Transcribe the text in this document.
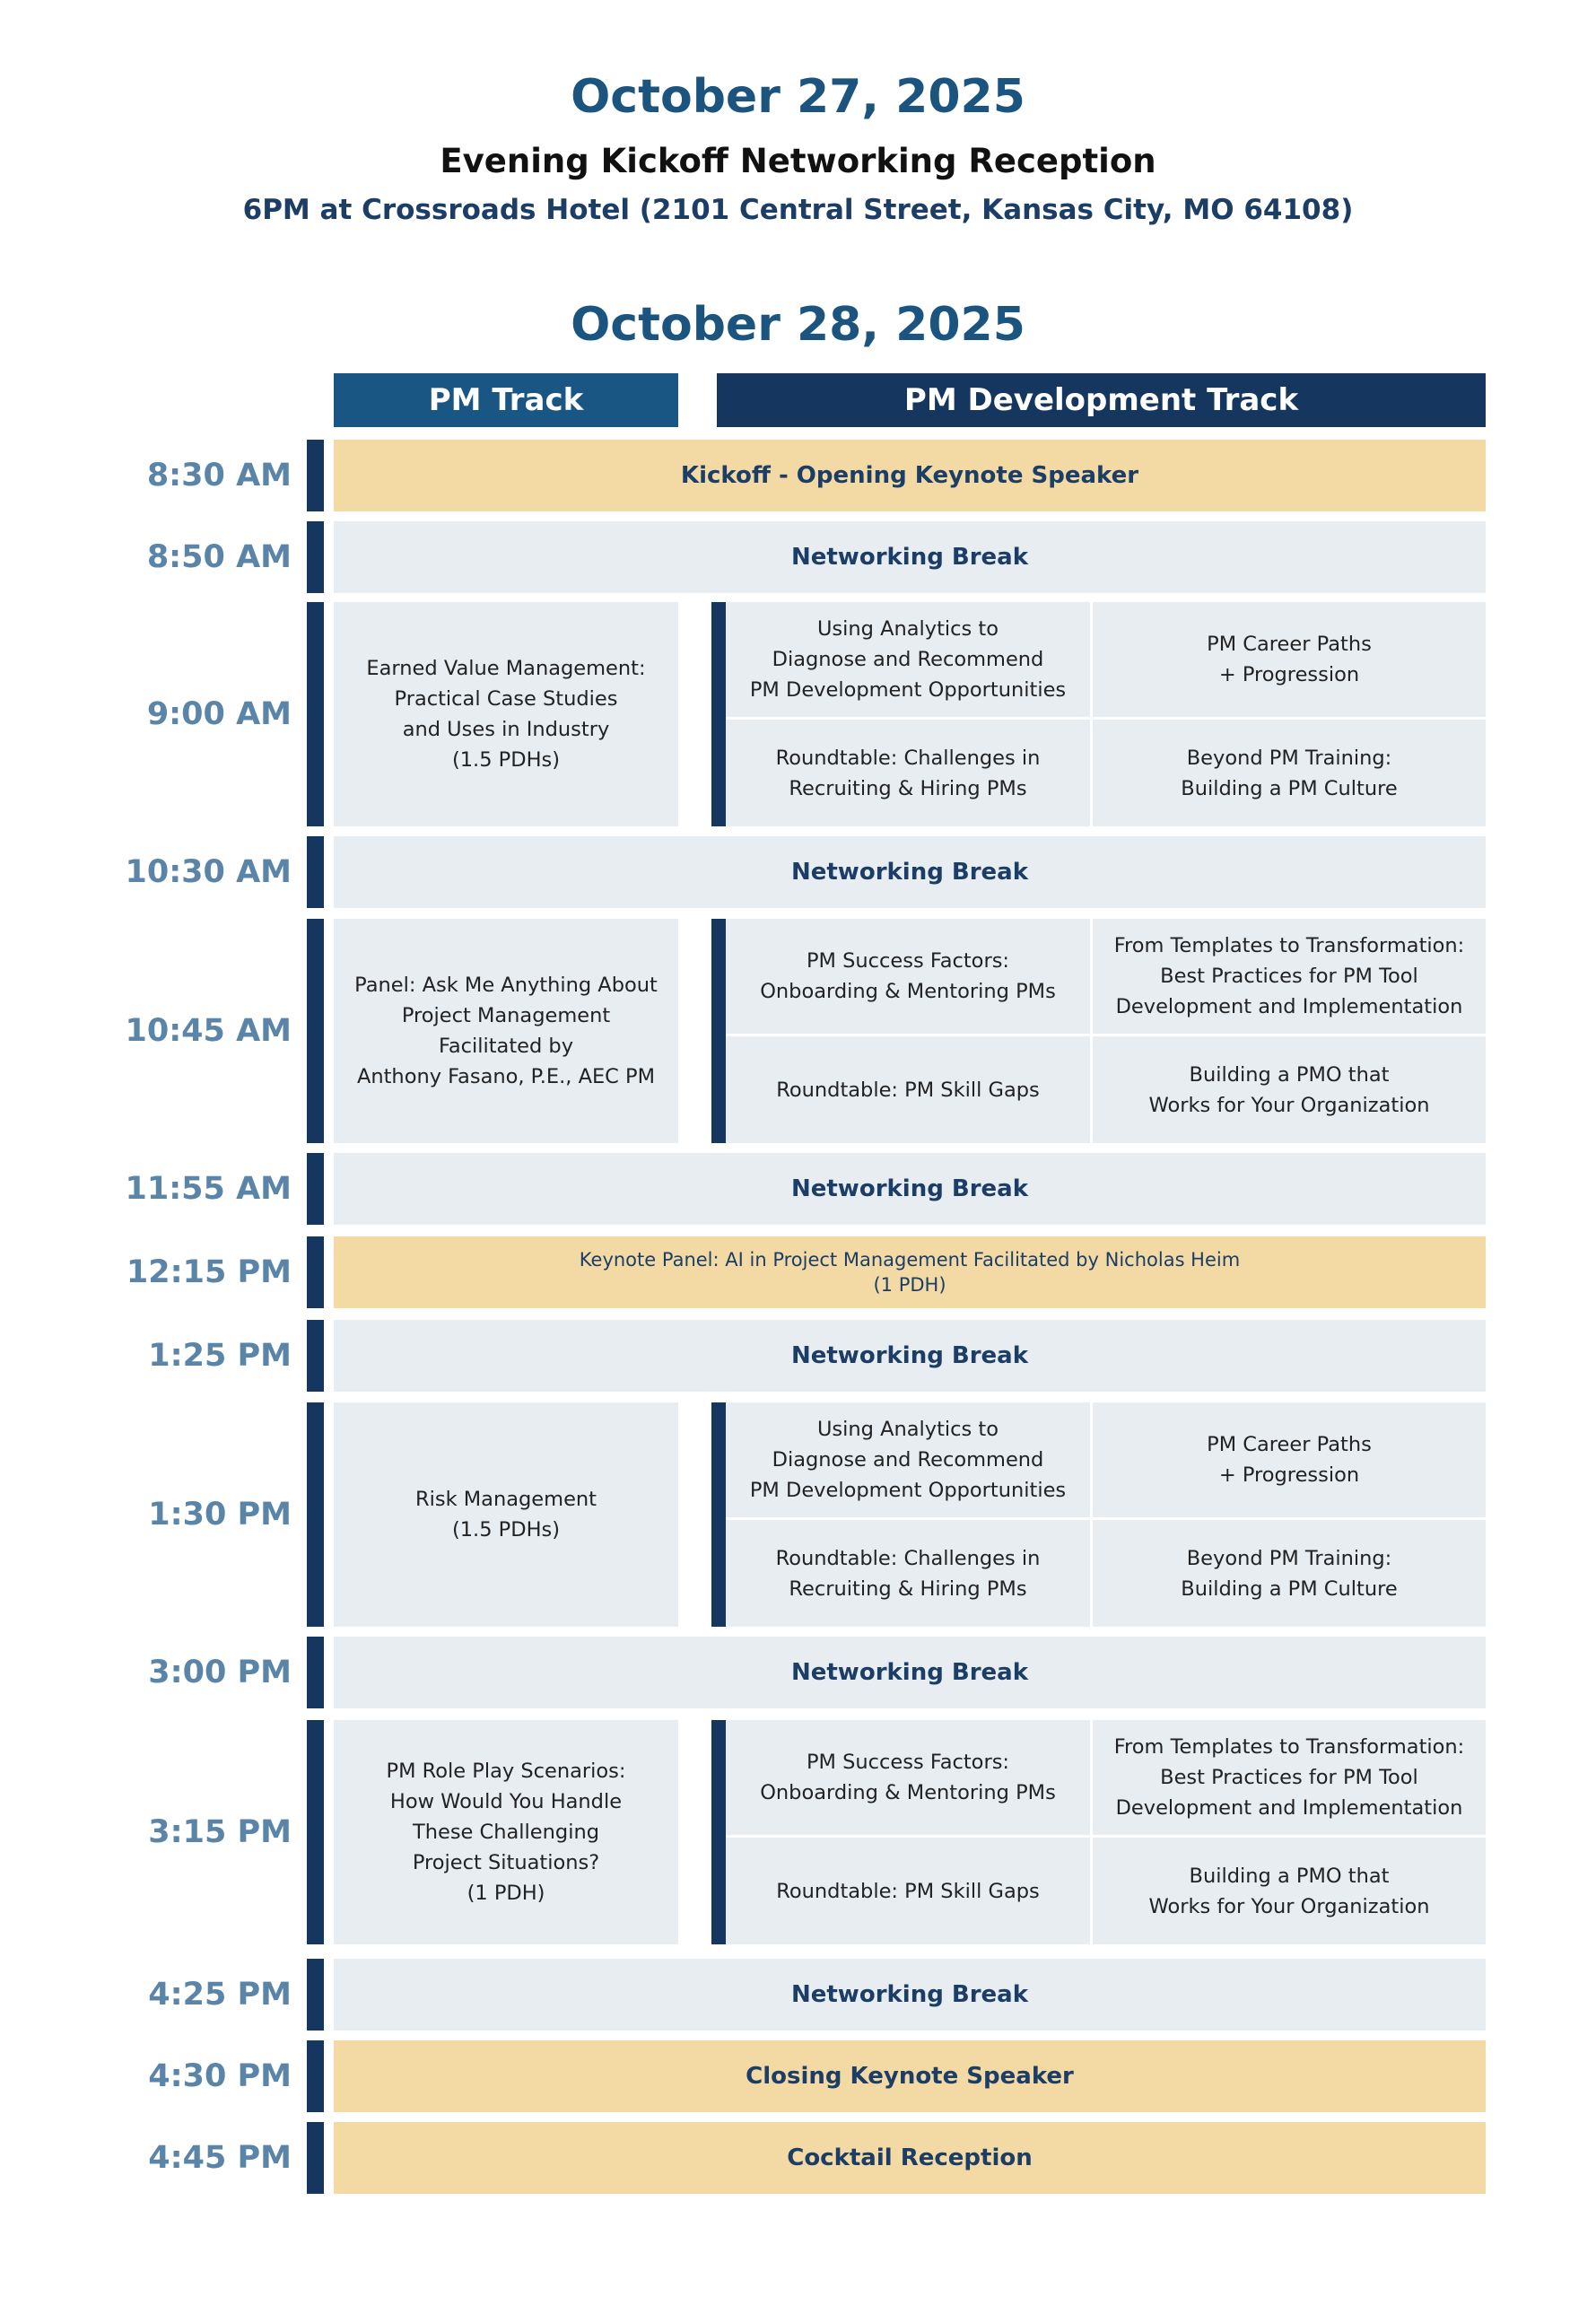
October 27, 2025
Evening Kickoff Networking Reception
6PM at Crossroads Hotel (2101 Central Street, Kansas City, MO 64108)
October 28, 2025
PM Track	PM Development Track
8:30 AM
8:50 AM
9:00 AM
10:30 AM
10:45 AM
11:55 AM
12:15 PM
1:25 PM
1:30 PM
3:00 PM
3:15 PM
4:25 PM
4:30 PM
4:45 PM
Kickoff - Opening Keynote Speaker
Networking Break
Networking Break
Networking Break
Keynote Panel: AI in Project Management Facilitated by Nicholas Heim
(1 PDH)
Networking Break
Networking Break
Networking Break
Closing Keynote Speaker
Cocktail Reception
Earned Value Management:
Practical Case Studies
and Uses in Industry
(1.5 PDHs)
Using Analytics to
Diagnose and Recommend
PM Development Opportunities
PM Career Paths
+ Progression
Roundtable: Challenges in
Recruiting & Hiring PMs
Beyond PM Training:
Building a PM Culture
Panel: Ask Me Anything About
Project Management
Facilitated by
Anthony Fasano, P.E., AEC PM
PM Success Factors:
Onboarding & Mentoring PMs
From Templates to Transformation:
Best Practices for PM Tool
Development and Implementation
Roundtable: PM Skill Gaps
Building a PMO that
Works for Your Organization
Risk Management
(1.5 PDHs)
Using Analytics to
Diagnose and Recommend
PM Development Opportunities
PM Career Paths
+ Progression
Roundtable: Challenges in
Recruiting & Hiring PMs
Beyond PM Training:
Building a PM Culture
PM Role Play Scenarios:
How Would You Handle
These Challenging
Project Situations?
(1 PDH)
PM Success Factors:
Onboarding & Mentoring PMs
From Templates to Transformation:
Best Practices for PM Tool
Development and Implementation
Roundtable: PM Skill Gaps
Building a PMO that
Works for Your Organization
